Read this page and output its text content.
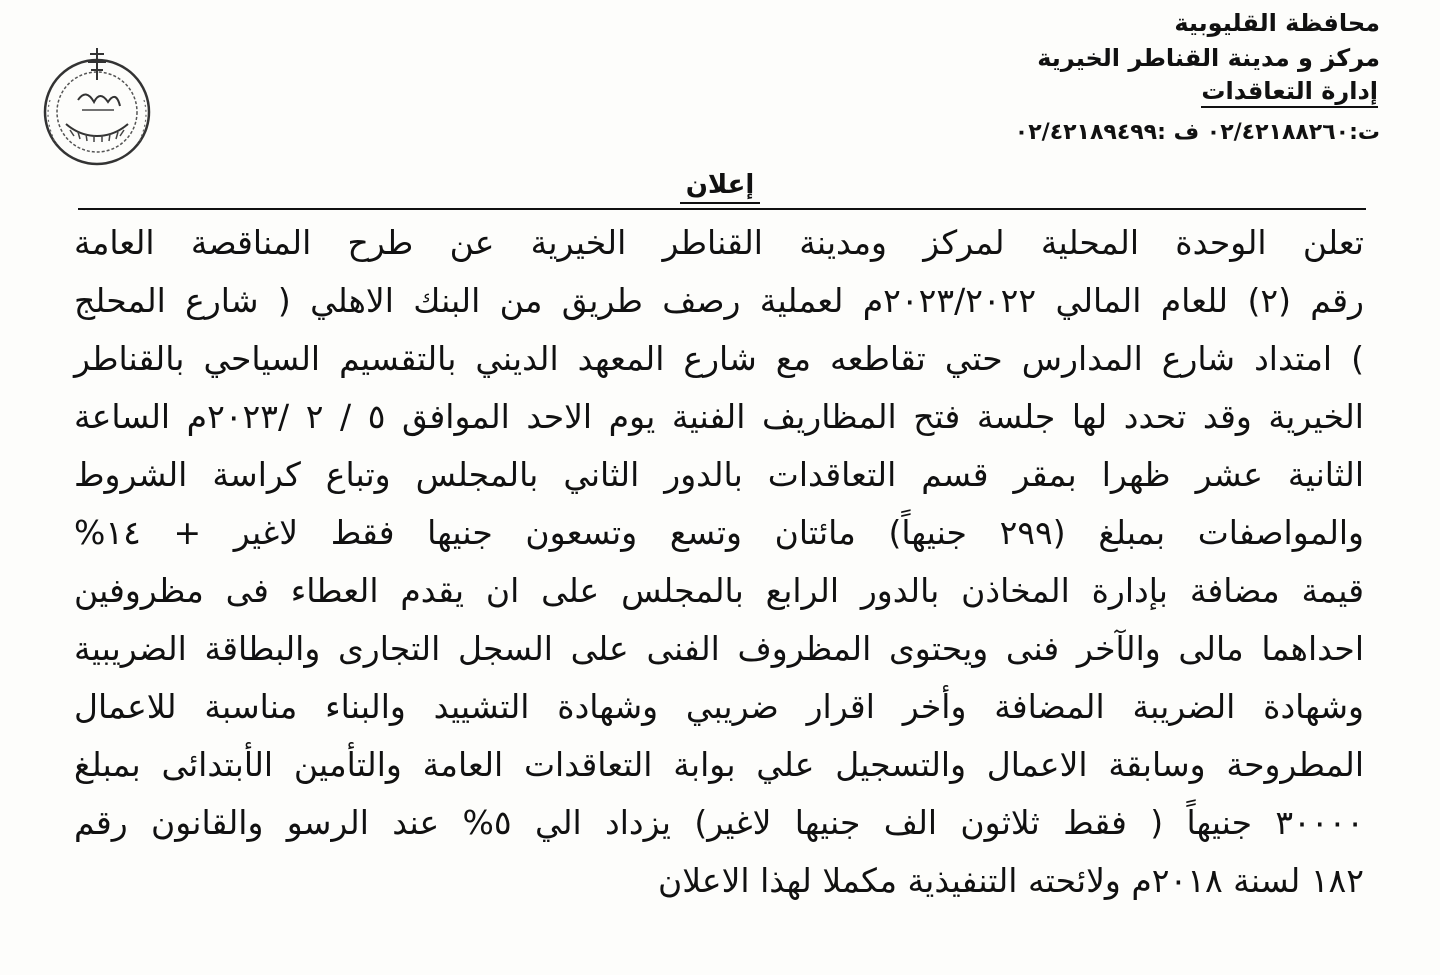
محافظة القليوبية
مركز و مدينة القناطر الخيرية
إدارة التعاقدات
ت:٠٢/٤٢١٨٨٢٦٠ ف :٠٢/٤٢١٨٩٤٩٩
إعلان
تعلن الوحدة المحلية لمركز ومدينة القناطر الخيرية عن طرح المناقصة العامة
رقم (٢) للعام المالي ٢٠٢٣/٢٠٢٢م لعملية رصف طريق من البنك الاهلي ( شارع المحلج
) امتداد شارع المدارس حتي تقاطعه مع شارع المعهد الديني بالتقسيم السياحي بالقناطر
الخيرية وقد تحدد لها جلسة فتح المظاريف الفنية يوم الاحد الموافق ٥ / ٢ /٢٠٢٣م الساعة
الثانية عشر ظهرا بمقر قسم التعاقدات بالدور الثاني بالمجلس وتباع كراسة الشروط
والمواصفات بمبلغ (٢٩٩ جنيهاً) مائتان وتسع وتسعون جنيها فقط لاغير + ١٤%
قيمة مضافة بإدارة المخاذن بالدور الرابع بالمجلس على ان يقدم العطاء فى مظروفين
احداهما مالى والآخر فنى ويحتوى المظروف الفنى على السجل التجارى والبطاقة الضريبية
وشهادة الضريبة المضافة وأخر اقرار ضريبي وشهادة التشييد والبناء مناسبة للاعمال
المطروحة وسابقة الاعمال والتسجيل علي بوابة التعاقدات العامة والتأمين الأبتدائى بمبلغ
٣٠٠٠٠ جنيهاً ( فقط ثلاثون الف جنيها لاغير) يزداد الي ٥% عند الرسو والقانون رقم
١٨٢ لسنة ٢٠١٨م ولائحته التنفيذية مكملا لهذا الاعلان
